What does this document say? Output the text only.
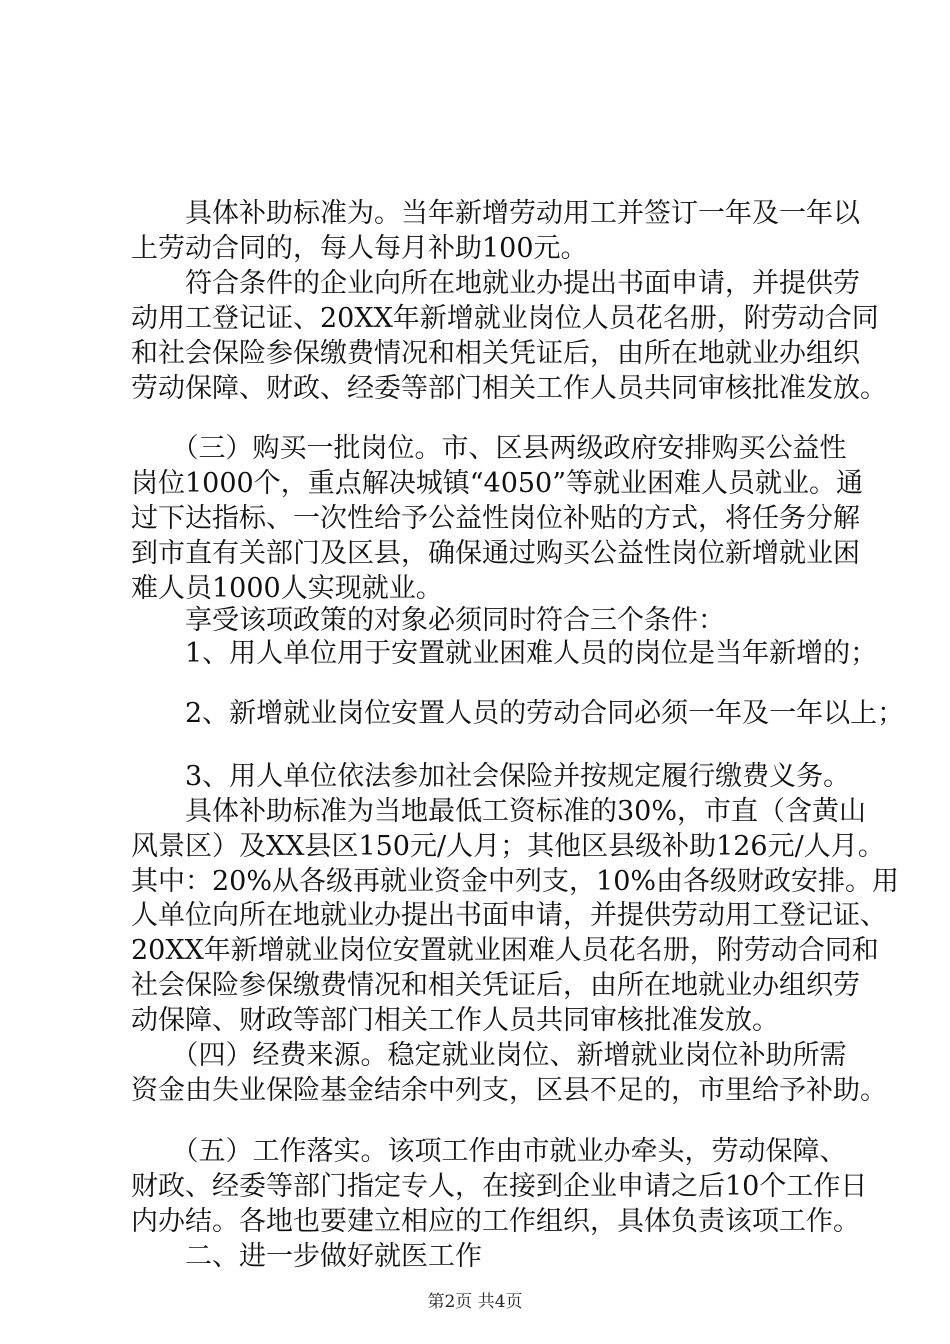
　　具体补助标准为。当年新增劳动用工并签订一年及一年以
上劳动合同的，每人每月补助100元。
　　符合条件的企业向所在地就业办提出书面申请，并提供劳
动用工登记证、20XX年新增就业岗位人员花名册，附劳动合同
和社会保险参保缴费情况和相关凭证后，由所在地就业办组织
劳动保障、财政、经委等部门相关工作人员共同审核批准发放。
　　（三）购买一批岗位。市、区县两级政府安排购买公益性
岗位1000个，重点解决城镇“4050”等就业困难人员就业。通
过下达指标、一次性给予公益性岗位补贴的方式，将任务分解
到市直有关部门及区县，确保通过购买公益性岗位新增就业困
难人员1000人实现就业。
　　享受该项政策的对象必须同时符合三个条件：
　　1、用人单位用于安置就业困难人员的岗位是当年新增的；
　　2、新增就业岗位安置人员的劳动合同必须一年及一年以上；
　　3、用人单位依法参加社会保险并按规定履行缴费义务。
　　具体补助标准为当地最低工资标准的30%，市直（含黄山
风景区）及XX县区150元/人月；其他区县级补助126元/人月。
其中：20%从各级再就业资金中列支，10%由各级财政安排。用
人单位向所在地就业办提出书面申请，并提供劳动用工登记证、
20XX年新增就业岗位安置就业困难人员花名册，附劳动合同和
社会保险参保缴费情况和相关凭证后，由所在地就业办组织劳
动保障、财政等部门相关工作人员共同审核批准发放。
　　（四）经费来源。稳定就业岗位、新增就业岗位补助所需
资金由失业保险基金结余中列支，区县不足的，市里给予补助。
　　（五）工作落实。该项工作由市就业办牵头，劳动保障、
财政、经委等部门指定专人，在接到企业申请之后10个工作日
内办结。各地也要建立相应的工作组织，具体负责该项工作。
　　二、进一步做好就医工作
第2页 共4页
